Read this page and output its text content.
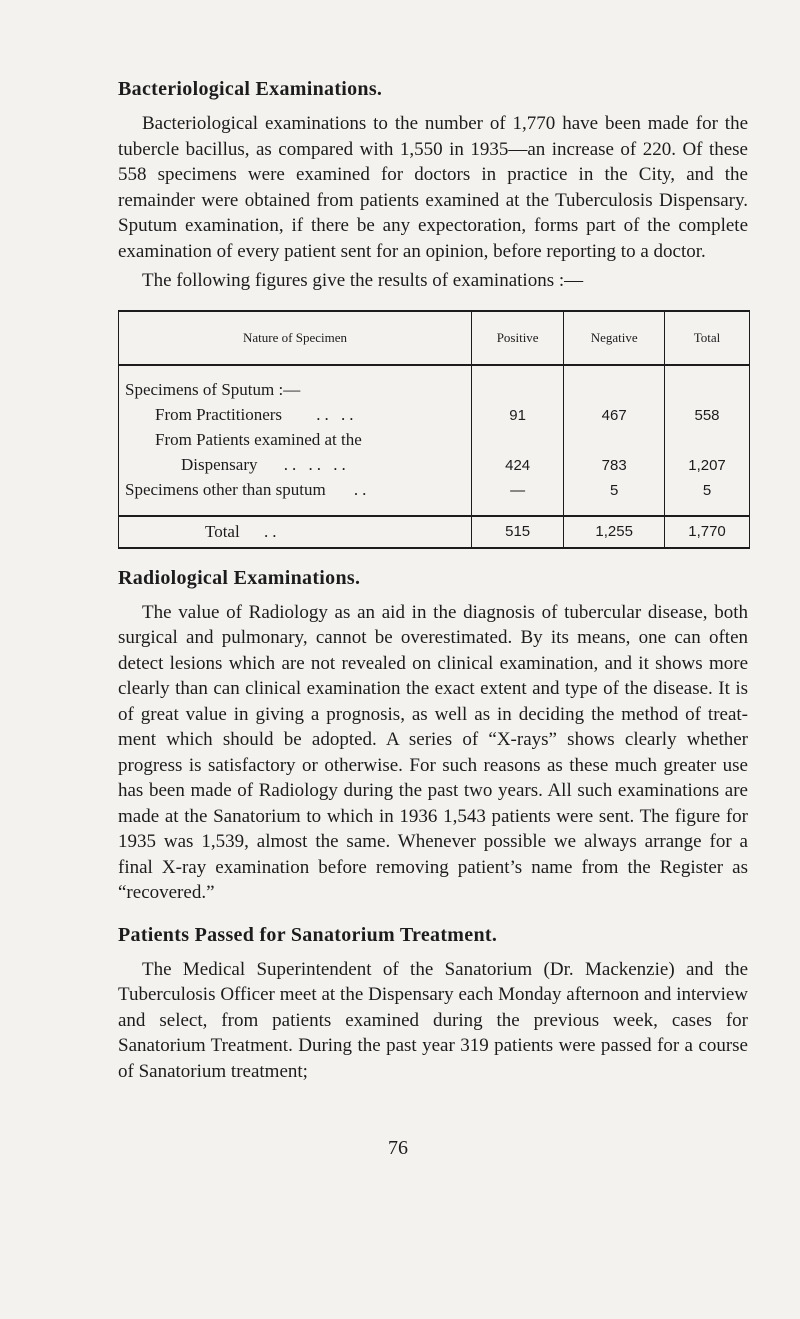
Bacteriological Examinations.

Bacteriological examinations to the number of 1,770 have been made for the tubercle bacillus, as compared with 1,550 in 1935—an increase of 220. Of these 558 specimens were examined for doctors in practice in the City, and the remainder were obtained from patients examined at the Tuberculosis Dispensary. Sputum examination, if there be any expectoration, forms part of the complete examination of every patient sent for an opinion, before reporting to a doctor.

The following figures give the results of examinations :—

Nature of Specimen	Positive	Negative	Total
Specimens of Sputum :—			
From Practitioners .. ..	91	467	558
From Patients examined at the			
Dispensary .. .. ..	424	783	1,207
Specimens other than sputum ..	—	5	5
Total ..	515	1,255	1,770
Radiological Examinations.

The value of Radiology as an aid in the diagnosis of tubercular disease, both surgical and pulmonary, cannot be overestimated. By its means, one can often detect lesions which are not revealed on clinical examination, and it shows more clearly than can clinical examination the exact extent and type of the disease. It is of great value in giving a prognosis, as well as in deciding the method of treat- ment which should be adopted. A series of “X-rays” shows clearly whether progress is satisfactory or otherwise. For such reasons as these much greater use has been made of Radiology during the past two years. All such examinations are made at the Sanatorium to which in 1936 1,543 patients were sent. The figure for 1935 was 1,539, almost the same. Whenever possible we always arrange for a final X-ray examination before removing patient’s name from the Register as “recovered.”

Patients Passed for Sanatorium Treatment.

The Medical Superintendent of the Sanatorium (Dr. Mackenzie) and the Tuberculosis Officer meet at the Dispensary each Monday afternoon and interview and select, from patients examined during the previous week, cases for Sanatorium Treatment. During the past year 319 patients were passed for a course of Sanatorium treatment;

76
